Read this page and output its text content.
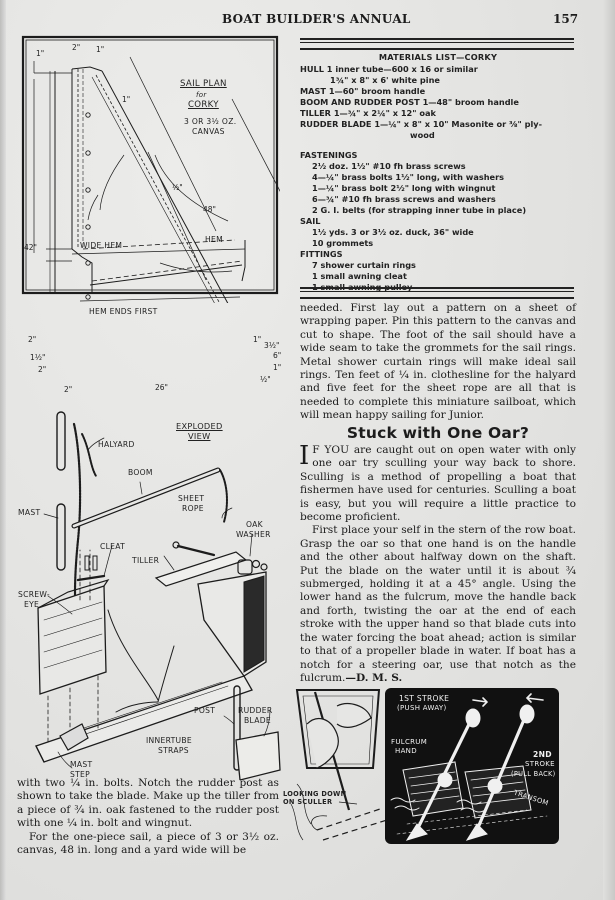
BOAT BUILDER'S ANNUAL	157
SAIL PLAN
for
CORKY
3 OR 3½ OZ.
CANVAS
WIDE HEM
HEM
HEM ENDS FIRST
1"
2" 1"
1"
½"
48"
42"
2"
1½"
2"
2"	26"
1"
3½"
6"
1"
½"
EXPLODED
VIEW
HALYARD
BOOM
MAST
SHEET
ROPE
OAK
WASHER
CLEAT
TILLER
SCREW-
EYE
POST	RUDDER
BLADE
INNERTUBE
STRAPS
MAST
STEP
MATERIALS LIST—CORKY
HULL 1 inner tube—600 x 16 or similar
1¾" x 8" x 6' white pine
MAST 1—60" broom handle
BOOM AND RUDDER POST 1—48" broom handle
TILLER 1—¾" x 2¼" x 12" oak
RUDDER BLADE 1—¼" x 8" x 10" Masonite or ⅜" ply-
wood
FASTENINGS
2½ doz. 1½" #10 fh brass screws
4—¼" brass bolts 1½" long, with washers
1—¼" brass bolt 2½" long with wingnut
6—¾" #10 fh brass screws and washers
2 G. I. belts (for strapping inner tube in place)
SAIL
1½ yds. 3 or 3½ oz. duck, 36" wide
10 grommets
FITTINGS
7 shower curtain rings
1 small awning cleat
1 small awning pulley

needed. First lay out a pattern on a sheet of wrapping paper. Pin this pattern to the canvas and cut to shape. The foot of the sail should have a wide seam to take the grommets for the sail rings. Metal shower curtain rings will make ideal sail rings. Ten feet of ¼ in. clothesline for the halyard and five feet for the sheet rope are all that is needed to complete this miniature sailboat, which will mean happy sailing for Junior.

Stuck with One Oar?

I F YOU are caught out on open water with only one oar try sculling your way back to shore. Sculling is a method of propelling a boat that fishermen have used for centuries. Sculling a boat is easy, but you will require a little practice to become proficient.

First place your self in the stern of the row boat. Grasp the oar so that one hand is on the handle and the other about halfway down on the shaft. Put the blade on the water until it is about ¾ submerged, holding it at a 45° angle. Using the lower hand as the fulcrum, move the handle back and forth, twisting the oar at the end of each stroke with the upper hand so that blade cuts into the water forcing the boat ahead; action is similar to that of a propeller blade in water. If boat has a notch for a steering oar, use that notch as the fulcrum.—D. M. S.

LOOKING DOWN
ON SCULLER
1ST STROKE
(PUSH AWAY)
FULCRUM
HAND	2ND
STROKE
(PULL BACK)
TRANSOM

with two ¼ in. bolts. Notch the rudder post as shown to take the blade. Make up the tiller from a piece of ¾ in. oak fastened to the rudder post with one ¼ in. bolt and wingnut.

For the one-piece sail, a piece of 3 or 3½ oz. canvas, 48 in. long and a yard wide will be
